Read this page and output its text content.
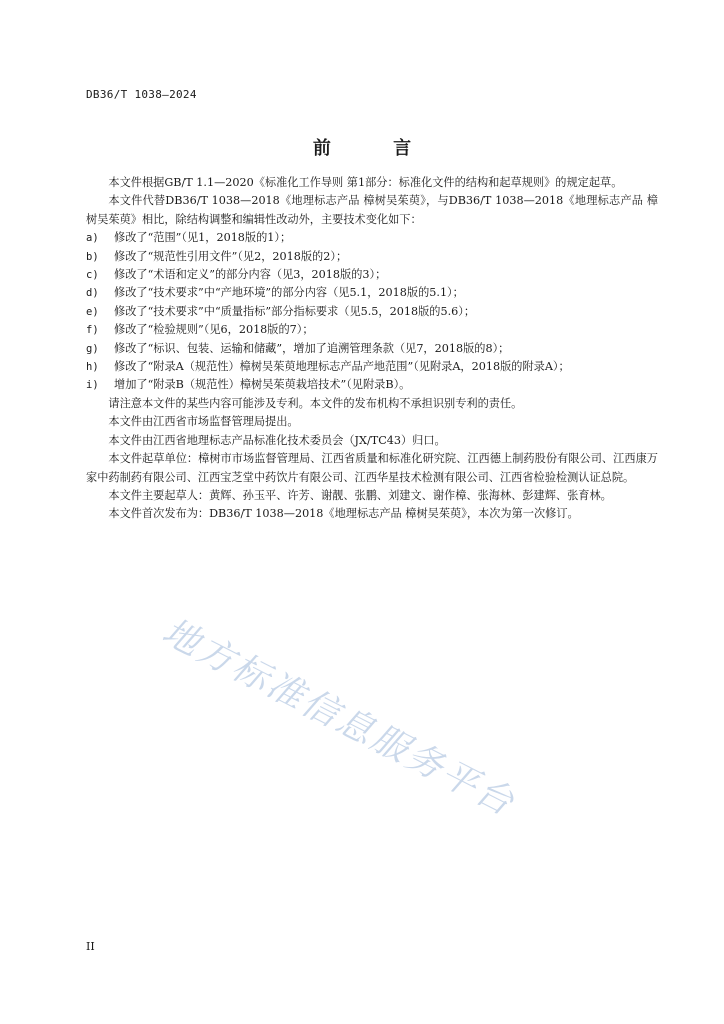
DB36/T 1038—2024
前 言

本文件根据GB/T 1.1—2020《标准化工作导则 第1部分：标准化文件的结构和起草规则》的规定起草。

本文件代替DB36/T 1038—2018《地理标志产品 樟树吴茱萸》，与DB36/T 1038—2018《地理标志产品 樟树吴茱萸》相比，除结构调整和编辑性改动外，主要技术变化如下：

a)	修改了“范围”（见1，2018版的1）；
b)	修改了“规范性引用文件”（见2，2018版的2）；
c)	修改了“术语和定义”的部分内容（见3，2018版的3）；
d)	修改了“技术要求”中“产地环境”的部分内容（见5.1，2018版的5.1）；
e)	修改了“技术要求”中“质量指标”部分指标要求（见5.5，2018版的5.6）；
f)	修改了“检验规则”（见6，2018版的7）；
g)	修改了“标识、包装、运输和储藏”，增加了追溯管理条款（见7，2018版的8）；
h)	修改了“附录A（规范性）樟树吴茱萸地理标志产品产地范围”（见附录A，2018版的附录A）；
i)	增加了“附录B（规范性）樟树吴茱萸栽培技术”（见附录B）。

请注意本文件的某些内容可能涉及专利。本文件的发布机构不承担识别专利的责任。

本文件由江西省市场监督管理局提出。

本文件由江西省地理标志产品标准化技术委员会（JX/TC43）归口。

本文件起草单位：樟树市市场监督管理局、江西省质量和标准化研究院、江西德上制药股份有限公司、江西康万家中药制药有限公司、江西宝芝堂中药饮片有限公司、江西华星技术检测有限公司、江西省检验检测认证总院。

本文件主要起草人：黄辉、孙玉平、许芳、谢靓、张鹏、刘建文、谢作樟、张海林、彭建辉、张育林。

本文件首次发布为：DB36/T 1038—2018《地理标志产品 樟树吴茱萸》，本次为第一次修订。

地方标准信息服务平台
II
